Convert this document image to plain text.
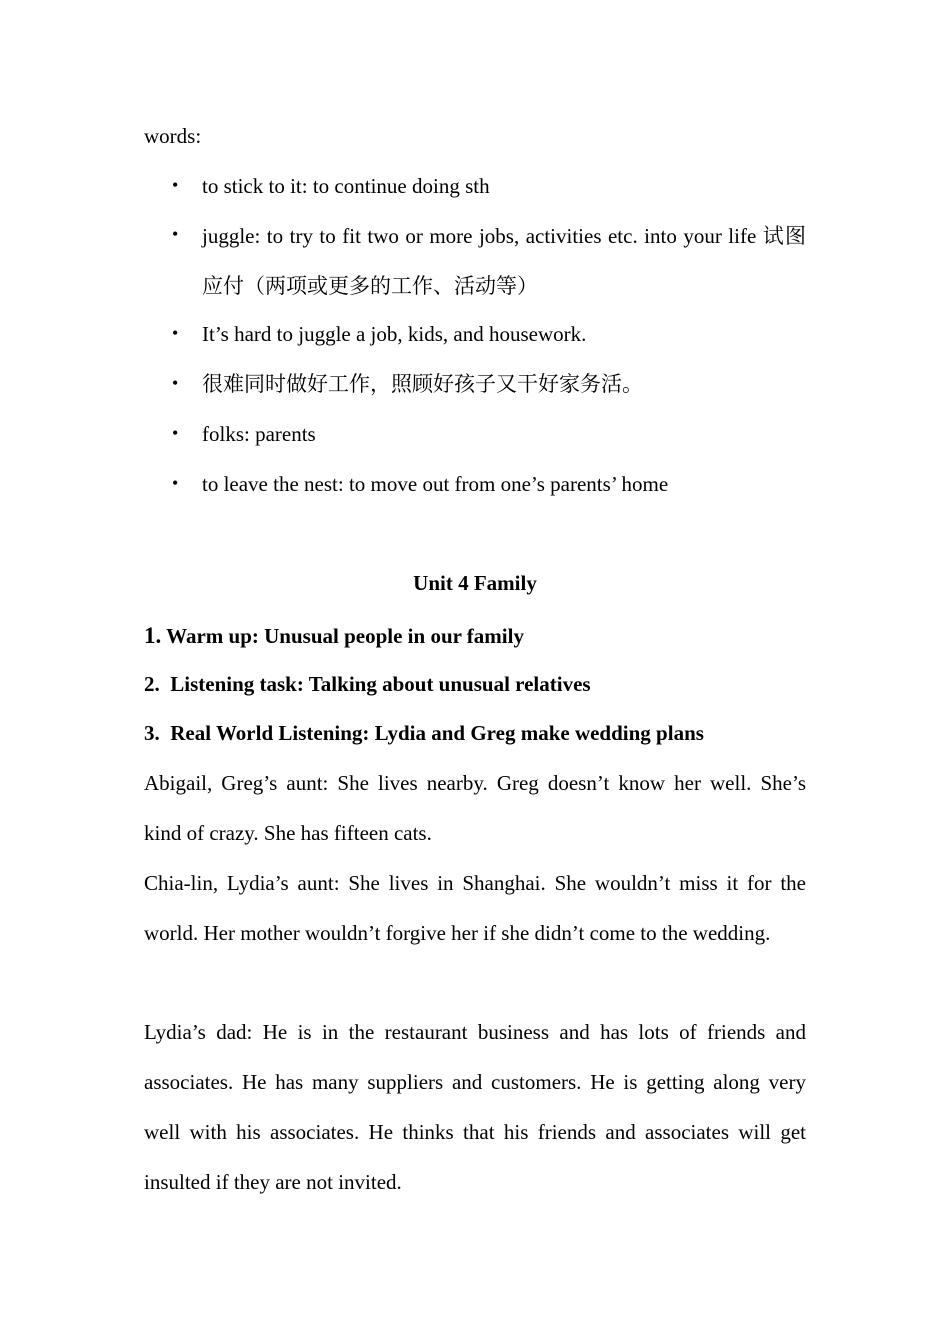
words:
• to stick to it: to continue doing sth
• juggle: to try to fit two or more jobs, activities etc. into your life 试图应付（两项或更多的工作、活动等）
• It’s hard to juggle a job, kids, and housework.
• 很难同时做好工作，照顾好孩子又干好家务活。
• folks: parents
• to leave the nest: to move out from one’s parents’ home
Unit 4 Family
1. Warm up: Unusual people in our family
2. Listening task: Talking about unusual relatives
3. Real World Listening: Lydia and Greg make wedding plans
Abigail, Greg’s aunt: She lives nearby. Greg doesn’t know her well. She’s kind of crazy. She has fifteen cats.
Chia-lin, Lydia’s aunt: She lives in Shanghai. She wouldn’t miss it for the world. Her mother wouldn’t forgive her if she didn’t come to the wedding.
Lydia’s dad: He is in the restaurant business and has lots of friends and associates. He has many suppliers and customers. He is getting along very well with his associates. He thinks that his friends and associates will get insulted if they are not invited.
